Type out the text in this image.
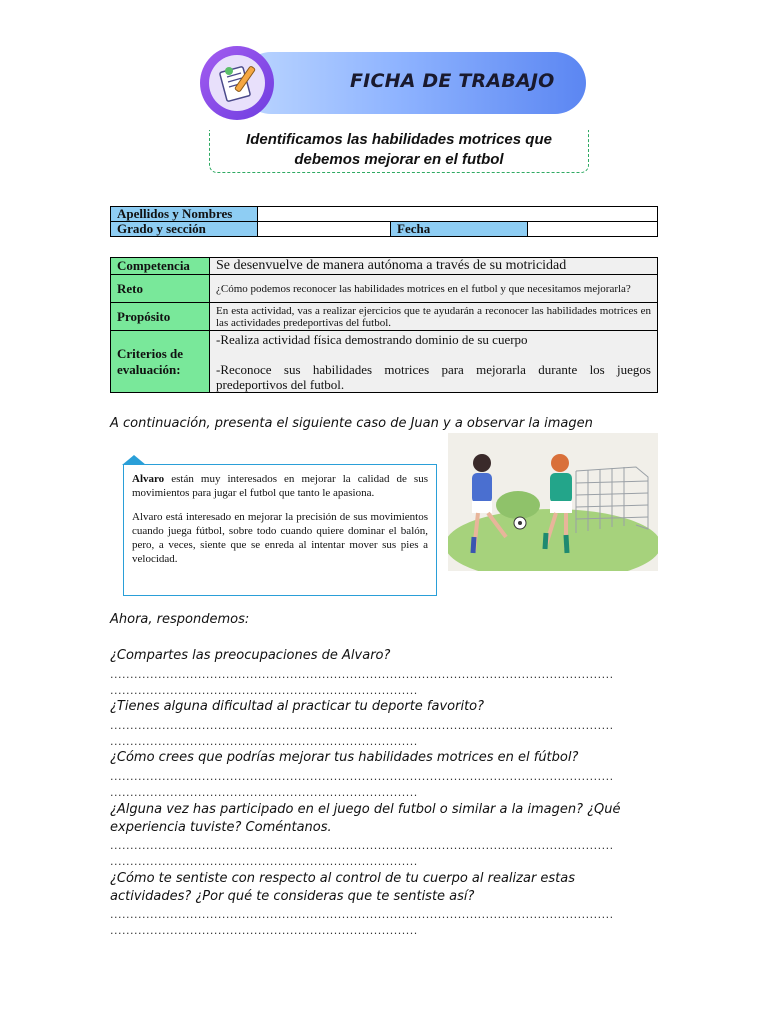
FICHA DE TRABAJO
Identificamos las habilidades motrices que
debemos mejorar en el futbol
Apellidos y Nombres			
Grado y sección		Fecha	
Competencia	Se desenvuelve de manera autónoma a través de su motricidad
Reto	¿Cómo podemos reconocer las habilidades motrices en el futbol y que necesitamos mejorarla?
Propósito	En esta actividad, vas a realizar ejercicios que te ayudarán a reconocer las habilidades motrices en las actividades predeportivas del futbol.
Criterios de evaluación:	-Realiza actividad física demostrando dominio de su cuerpo
-Reconoce sus habilidades motrices para mejorarla durante los juegos predeportivos del futbol.
A continuación, presenta el siguiente caso de Juan y a observar la imagen

Alvaro están muy interesados en mejorar la calidad de sus movimientos para jugar el futbol que tanto le apasiona.

Alvaro está interesado en mejorar la precisión de sus movimientos cuando juega fútbol, sobre todo cuando quiere dominar el balón, pero, a veces, siente que se enreda al intentar mover sus pies a velocidad.

Ahora, respondemos:
¿Compartes las preocupaciones de Alvaro?
..............................................................................................................................
.............................................................................
¿Tienes alguna dificultad al practicar tu deporte favorito?
..............................................................................................................................
.............................................................................
¿Cómo crees que podrías mejorar tus habilidades motrices en el fútbol?
..............................................................................................................................
.............................................................................
¿Alguna vez has participado en el juego del futbol o similar a la imagen? ¿Qué experiencia tuviste? Coméntanos.
..............................................................................................................................
.............................................................................
¿Cómo te sentiste con respecto al control de tu cuerpo al realizar estas actividades? ¿Por qué te consideras que te sentiste así?
..............................................................................................................................
.............................................................................
